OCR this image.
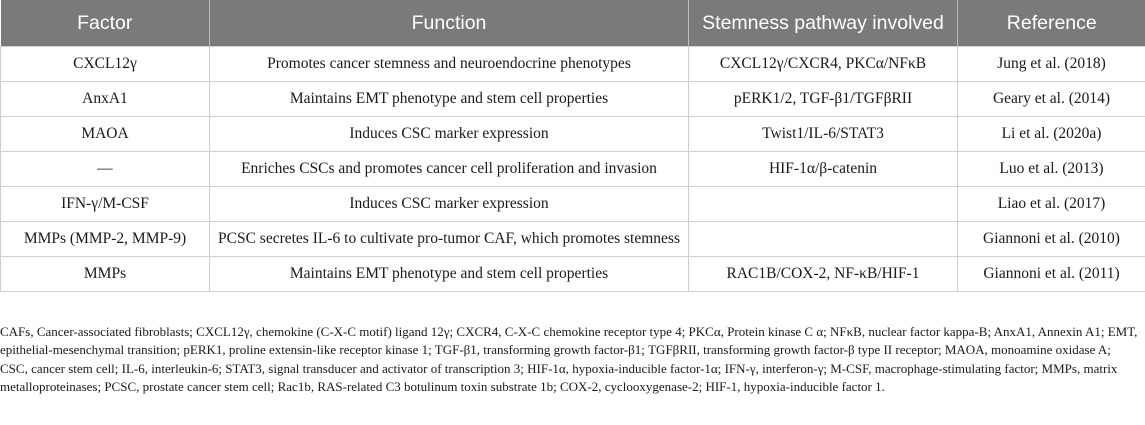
Factor	Function	Stemness pathway involved	Reference
CXCL12γ	Promotes cancer stemness and neuroendocrine phenotypes	CXCL12γ/CXCR4, PKCα/NFκB	Jung et al. (2018)
AnxA1	Maintains EMT phenotype and stem cell properties	pERK1/2, TGF-β1/TGFβRII	Geary et al. (2014)
MAOA	Induces CSC marker expression	Twist1/IL-6/STAT3	Li et al. (2020a)
—	Enriches CSCs and promotes cancer cell proliferation and invasion	HIF-1α/β-catenin	Luo et al. (2013)
IFN-γ/M-CSF	Induces CSC marker expression		Liao et al. (2017)
MMPs (MMP-2, MMP-9)	PCSC secretes IL-6 to cultivate pro-tumor CAF, which promotes stemness		Giannoni et al. (2010)
MMPs	Maintains EMT phenotype and stem cell properties	RAC1B/COX-2, NF-κB/HIF-1	Giannoni et al. (2011)
CAFs, Cancer-associated fibroblasts; CXCL12γ, chemokine (C-X-C motif) ligand 12γ; CXCR4, C-X-C chemokine receptor type 4; PKCα, Protein kinase C α; NFκB, nuclear factor kappa-B; AnxA1, Annexin A1; EMT, epithelial-mesenchymal transition; pERK1, proline extensin-like receptor kinase 1; TGF-β1, transforming growth factor-β1; TGFβRII, transforming growth factor-β type II receptor; MAOA, monoamine oxidase A; CSC, cancer stem cell; IL-6, interleukin-6; STAT3, signal transducer and activator of transcription 3; HIF-1α, hypoxia-inducible factor-1α; IFN-γ, interferon-γ; M-CSF, macrophage-stimulating factor; MMPs, matrix metalloproteinases; PCSC, prostate cancer stem cell; Rac1b, RAS-related C3 botulinum toxin substrate 1b; COX-2, cyclooxygenase-2; HIF-1, hypoxia-inducible factor 1.
